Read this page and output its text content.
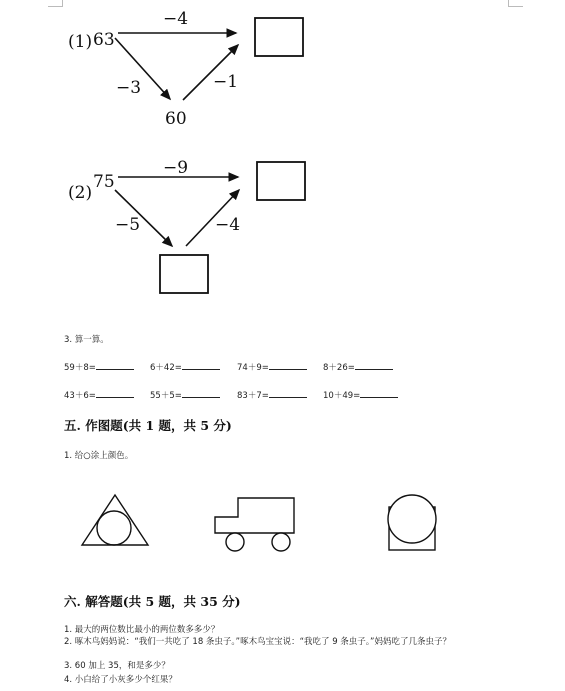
(1) 63
−4
−3	−1
60
(2)
75
−9
−5	−4
3. 算一算。
59＋8=	6＋42=	74＋9=	8＋26=
43＋6=	55＋5=	83＋7=	10＋49=
五. 作图题(共 1 题，共 5 分)
1. 给○涂上颜色。
六. 解答题(共 5 题，共 35 分)
1. 最大的两位数比最小的两位数多多少？
2. 啄木鸟妈妈说：“我们一共吃了 18 条虫子。”啄木鸟宝宝说：“我吃了 9 条虫子。”妈妈吃了几条虫子？
3. 60 加上 35，和是多少？
4. 小白给了小灰多少个红果？
